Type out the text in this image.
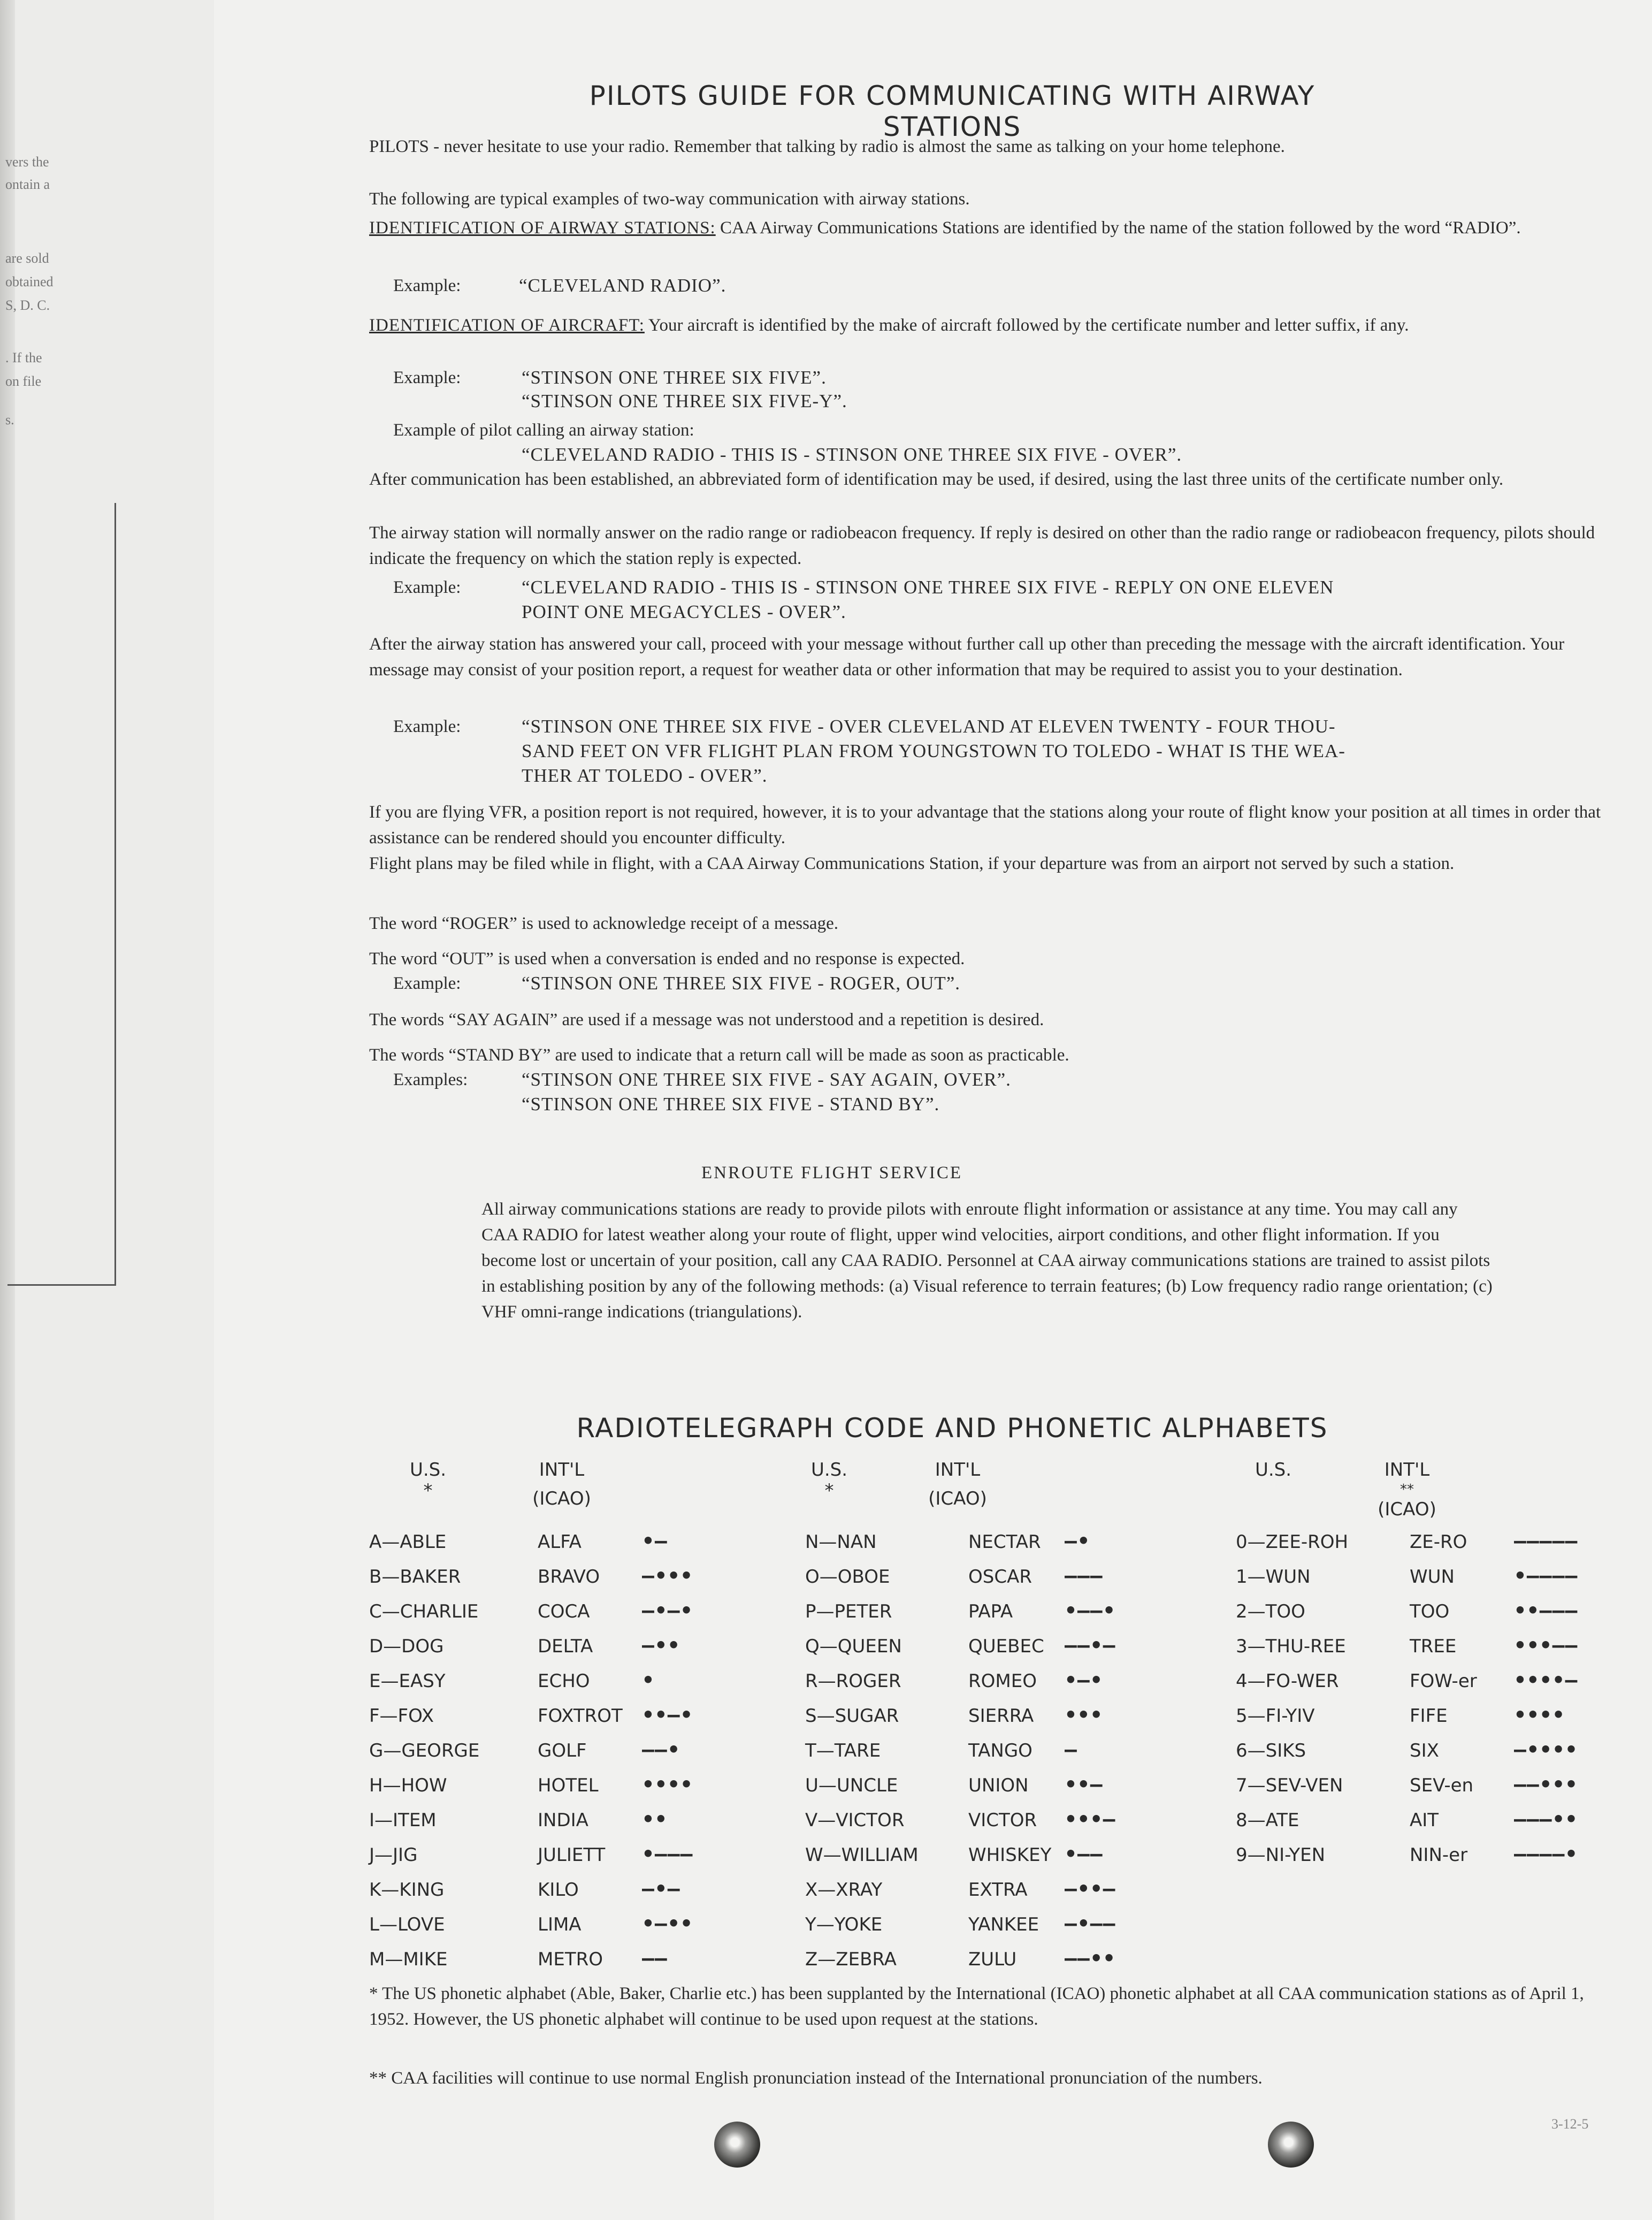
vers the
ontain a
are sold
obtained
S, D. C.
. If the
on file
s.
PILOTS GUIDE FOR COMMUNICATING WITH AIRWAY STATIONS
PILOTS - never hesitate to use your radio. Remember that talking by radio is almost the same as talking on your home telephone.
The following are typical examples of two-way communication with airway stations.
IDENTIFICATION OF AIRWAY STATIONS: CAA Airway Communications Stations are identified by the name of the station followed by the word “RADIO”.
Example:	“CLEVELAND RADIO”.
IDENTIFICATION OF AIRCRAFT: Your aircraft is identified by the make of aircraft followed by the certificate number and letter suffix, if any.
Example:	“STINSON ONE THREE SIX FIVE”.
“STINSON ONE THREE SIX FIVE-Y”.
Example of pilot calling an airway station:
“CLEVELAND RADIO - THIS IS - STINSON ONE THREE SIX FIVE - OVER”.
After communication has been established, an abbreviated form of identification may be used, if desired, using the last three units of the certificate number only.
The airway station will normally answer on the radio range or radiobeacon frequency. If reply is desired on other than the radio range or radiobeacon frequency, pilots should indicate the frequency on which the station reply is expected.
Example:	“CLEVELAND RADIO - THIS IS - STINSON ONE THREE SIX FIVE - REPLY ON ONE ELEVEN
POINT ONE MEGACYCLES - OVER”.
After the airway station has answered your call, proceed with your message without further call up other than preceding the message with the aircraft identification. Your message may consist of your position report, a request for weather data or other information that may be required to assist you to your destination.
Example:	“STINSON ONE THREE SIX FIVE - OVER CLEVELAND AT ELEVEN TWENTY - FOUR THOU-
SAND FEET ON VFR FLIGHT PLAN FROM YOUNGSTOWN TO TOLEDO - WHAT IS THE WEA-
THER AT TOLEDO - OVER”.
If you are flying VFR, a position report is not required, however, it is to your advantage that the stations along your route of flight know your position at all times in order that assistance can be rendered should you encounter difficulty.
Flight plans may be filed while in flight, with a CAA Airway Communications Station, if your departure was from an airport not served by such a station.
The word “ROGER” is used to acknowledge receipt of a message.
The word “OUT” is used when a conversation is ended and no response is expected.
Example:	“STINSON ONE THREE SIX FIVE - ROGER, OUT”.
The words “SAY AGAIN” are used if a message was not understood and a repetition is desired.
The words “STAND BY” are used to indicate that a return call will be made as soon as practicable.
Examples:	“STINSON ONE THREE SIX FIVE - SAY AGAIN, OVER”.
“STINSON ONE THREE SIX FIVE - STAND BY”.
ENROUTE FLIGHT SERVICE
All airway communications stations are ready to provide pilots with enroute flight information or assistance at any time. You may call any CAA RADIO for latest weather along your route of flight, upper wind velocities, airport conditions, and other flight information. If you become lost or uncertain of your position, call any CAA RADIO. Personnel at CAA airway communications stations are trained to assist pilots in establishing position by any of the following methods: (a) Visual reference to terrain features; (b) Low frequency radio range orientation; (c) VHF omni-range indications (triangulations).
RADIOTELEGRAPH CODE AND PHONETIC ALPHABETS
U.S.
*
INT'L
(ICAO)
U.S.
*
INT'L
(ICAO)
U.S.	INT'L
**
(ICAO)
A—ABLE	ALFA	•—
B—BAKER	BRAVO —•••
C—CHARLIE	COCA	—•—•
D—DOG	DELTA —••
E—EASY	ECHO	•
F—FOX	FOXTROT ••—•
G—GEORGE	GOLF	——•
H—HOW	HOTEL ••••
I—ITEM	INDIA	••
J—JIG	JULIETT •———
K—KING	KILO	—•—
L—LOVE	LIMA	•—••
M—MIKE	METRO ——
N—NAN	NECTAR —•
O—OBOE	OSCAR ———
P—PETER	PAPA	•——•
Q—QUEEN	QUEBEC ——•—
R—ROGER	ROMEO •—•
S—SUGAR	SIERRA •••
T—TARE	TANGO —
U—UNCLE	UNION ••—
V—VICTOR	VICTOR •••—
W—WILLIAM	WHISKEY •——
X—XRAY	EXTRA —••—
Y—YOKE	YANKEE —•——
Z—ZEBRA	ZULU ——••
0—ZEE-ROH	ZE-RO —————
1—WUN	WUN	•————
2—TOO	TOO	••———
3—THU-REE	TREE	•••——
4—FO-WER	FOW-er ••••—
5—FI-YIV	FIFE	••••
6—SIKS	SIX	—••••
7—SEV-VEN	SEV-en ——•••
8—ATE	AIT	———••
9—NI-YEN	NIN-er ————•
* The US phonetic alphabet (Able, Baker, Charlie etc.) has been supplanted by the International (ICAO) phonetic alphabet at all CAA communication stations as of April 1, 1952. However, the US phonetic alphabet will continue to be used upon request at the stations.
** CAA facilities will continue to use normal English pronunciation instead of the International pronunciation of the numbers.
3-12-5
